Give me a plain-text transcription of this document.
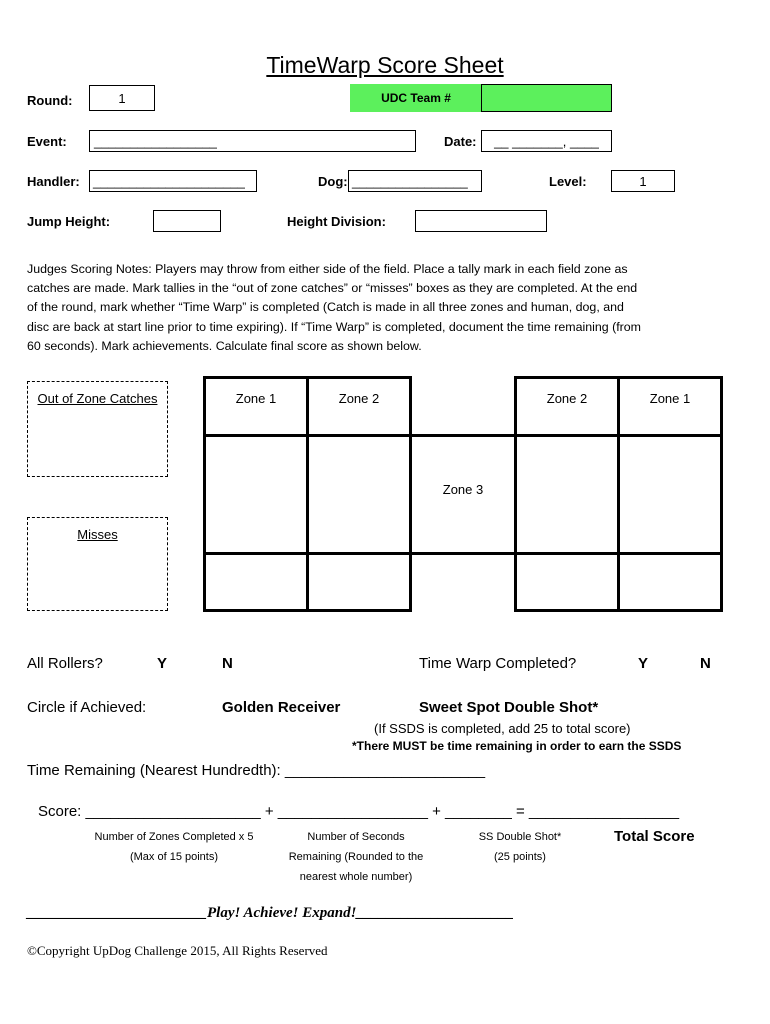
TimeWarp Score Sheet
Round:	1	UDC Team #
Event: _________________	Date: __ _______, ____
Handler: _____________________	Dog: ________________	Level:	1
Jump Height:	Height Division:
Judges Scoring Notes: Players may throw from either side of the field. Place a tally mark in each field zone as catches are made. Mark tallies in the “out of zone catches” or “misses” boxes as they are completed. At the end of the round, mark whether “Time Warp” is completed (Catch is made in all three zones and human, dog, and disc are back at start line prior to time expiring). If “Time Warp” is completed, document the time remaining (from 60 seconds). Mark achievements. Calculate final score as shown below.
Out of Zone Catches
Misses
Zone 1	Zone 2
Zone 3
Zone 2	Zone 1
All Rollers?	Y	N	Time Warp Completed?	Y	N
Circle if Achieved:	Golden Receiver	Sweet Spot Double Shot*
(If SSDS is completed, add 25 to total score)
*There MUST be time remaining in order to earn the SSDS
Time Remaining (Nearest Hundredth): ________________________
Score: _____________________ + __________________ + ________ = __________________
Number of Zones Completed x 5
(Max of 15 points)
Number of Seconds
Remaining (Rounded to the
nearest whole number)
SS Double Shot*
(25 points)
Total Score
________________________Play! Achieve! Expand!_____________________
©Copyright UpDog Challenge 2015, All Rights Reserved
